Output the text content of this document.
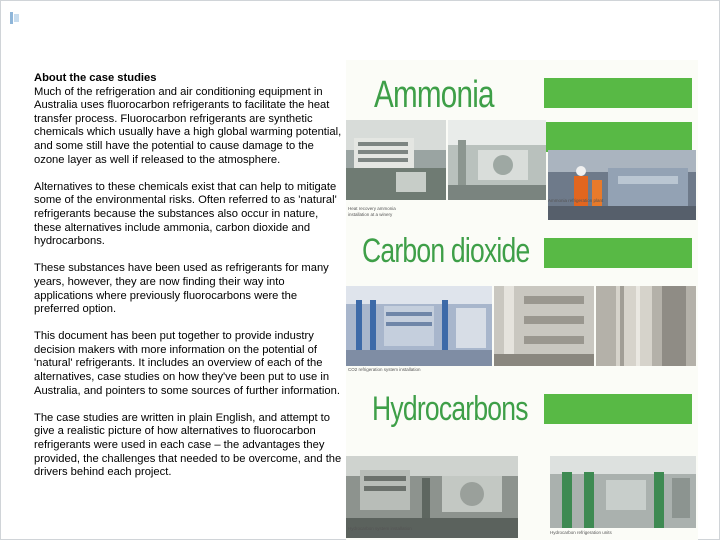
About the case studies
Much of the refrigeration and air conditioning equipment in Australia uses fluorocarbon refrigerants to facilitate the heat transfer process. Fluorocarbon refrigerants are synthetic chemicals which usually have a high global warming potential, and some still have the potential to cause damage to the ozone layer as well if released to the atmosphere.

Alternatives to these chemicals exist that can help to mitigate some of the environmental risks. Often referred to as 'natural' refrigerants because the substances also occur in nature, these alternatives include ammonia, carbon dioxide and hydrocarbons.

These substances have been used as refrigerants for many years, however, they are now finding their way into applications where previously fluorocarbons were the preferred option.

This document has been put together to provide industry decision makers with more information on the potential of 'natural' refrigerants. It includes an overview of each of the alternatives, case studies on how they've been put to use in Australia, and pointers to some sources of further information.

The case studies are written in plain English, and attempt to give a realistic picture of how alternatives to fluorocarbon refrigerants were used in each case – the advantages they provided, the challenges that needed to be overcome, and the drivers behind each project.

Ammonia
Heat recovery ammonia installation at a winery
Ammonia refrigeration plant
Carbon dioxide
CO2 refrigeration system installation
Hydrocarbons
Hydrocarbon system installation
Hydrocarbon refrigeration units
